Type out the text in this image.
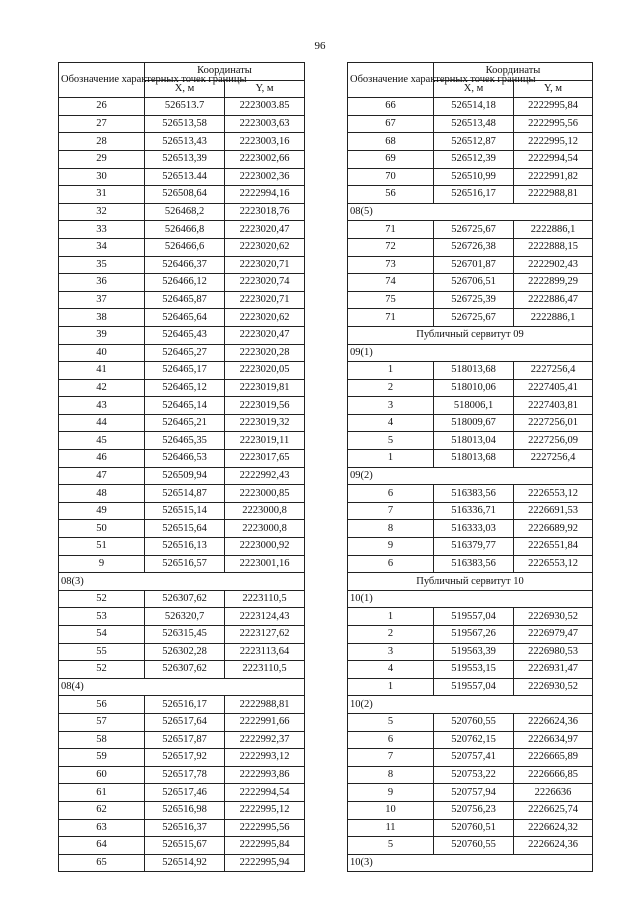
96
Обозначение характерных точек границы	Координаты	
	X, м	Y, м
26	526513.7	2223003.85
27	526513,58	2223003,63
28	526513,43	2223003,16
29	526513,39	2223002,66
30	526513.44	2223002,36
31	526508,64	2222994,16
32	526468,2	2223018,76
33	526466,8	2223020,47
34	526466,6	2223020,62
35	526466,37	2223020,71
36	526466,12	2223020,74
37	526465,87	2223020,71
38	526465,64	2223020,62
39	526465,43	2223020,47
40	526465,27	2223020,28
41	526465,17	2223020,05
42	526465,12	2223019,81
43	526465,14	2223019,56
44	526465,21	2223019,32
45	526465,35	2223019,11
46	526466,53	2223017,65
47	526509,94	2222992,43
48	526514,87	2223000,85
49	526515,14	2223000,8
50	526515,64	2223000,8
51	526516,13	2223000,92
9	526516,57	2223001,16
08(3)		
52	526307,62	2223110,5
53	526320,7	2223124,43
54	526315,45	2223127,62
55	526302,28	2223113,64
52	526307,62	2223110,5
08(4)		
56	526516,17	2222988,81
57	526517,64	2222991,66
58	526517,87	2222992,37
59	526517,92	2222993,12
60	526517,78	2222993,86
61	526517,46	2222994,54
62	526516,98	2222995,12
63	526516,37	2222995,56
64	526515,67	2222995,84
65	526514,92	2222995,94
Обозначение характерных точек границы	Координаты	
	X, м	Y, м
66	526514,18	2222995,84
67	526513,48	2222995,56
68	526512,87	2222995,12
69	526512,39	2222994,54
70	526510,99	2222991,82
56	526516,17	2222988,81
08(5)		
71	526725,67	2222886,1
72	526726,38	2222888,15
73	526701,87	2222902,43
74	526706,51	2222899,29
75	526725,39	2222886,47
71	526725,67	2222886,1
Публичный сервитут 09		
09(1)		
1	518013,68	2227256,4
2	518010,06	2227405,41
3	518006,1	2227403,81
4	518009,67	2227256,01
5	518013,04	2227256,09
1	518013,68	2227256,4
09(2)		
6	516383,56	2226553,12
7	516336,71	2226691,53
8	516333,03	2226689,92
9	516379,77	2226551,84
6	516383,56	2226553,12
Публичный сервитут 10		
10(1)		
1	519557,04	2226930,52
2	519567,26	2226979,47
3	519563,39	2226980,53
4	519553,15	2226931,47
1	519557,04	2226930,52
10(2)		
5	520760,55	2226624,36
6	520762,15	2226634,97
7	520757,41	2226665,89
8	520753,22	2226666,85
9	520757,94	2226636
10	520756,23	2226625,74
11	520760,51	2226624,32
5	520760,55	2226624,36
10(3)		
